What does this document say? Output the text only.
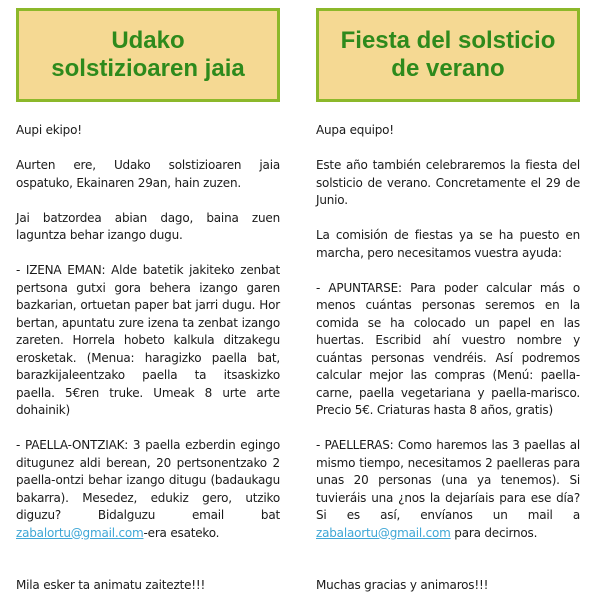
Udako
solstizioaren jaia

Aupi ekipo!

Aurten ere, Udako solstizioaren jaia ospatuko, Ekainaren 29an, hain zuzen.

Jai batzordea abian dago, baina zuen laguntza behar izango dugu.

- IZENA EMAN: Alde batetik jakiteko zenbat pertsona gutxi gora behera izango garen bazkarian, ortuetan paper bat jarri dugu. Hor bertan, apuntatu zure izena ta zenbat izango zareten. Horrela hobeto kalkula ditzakegu erosketak. (Menua: haragizko paella bat, barazkijaleentzako paella ta itsaskizko paella. 5€ren truke. Umeak 8 urte arte dohainik)

- PAELLA-ONTZIAK: 3 paella ezberdin egingo ditugunez aldi berean, 20 pertsonentzako 2 paella-ontzi behar izango ditugu (badaukagu bakarra). Mesedez, edukiz gero, utziko diguzu? Bidalguzu email bat zabalortu@gmail.com-era esateko.

Mila esker ta animatu zaitezte!!!

Fiesta del solsticio
de verano

Aupa equipo!

Este año también celebraremos la fiesta del solsticio de verano. Concretamente el 29 de Junio.

La comisión de fiestas ya se ha puesto en marcha, pero necesitamos vuestra ayuda:

- APUNTARSE: Para poder calcular más o menos cuántas personas seremos en la comida se ha colocado un papel en las huertas. Escribid ahí vuestro nombre y cuántas personas vendréis. Así podremos calcular mejor las compras (Menú: paella-carne, paella vegetariana y paella-marisco. Precio 5€. Criaturas hasta 8 años, gratis)

- PAELLERAS: Como haremos las 3 paellas al mismo tiempo, necesitamos 2 paelleras para unas 20 personas (una ya tenemos). Si tuvieráis una ¿nos la dejaríais para ese día? Si es así, envíanos un mail a zabalaortu@gmail.com para decirnos.

Muchas gracias y animaros!!!
